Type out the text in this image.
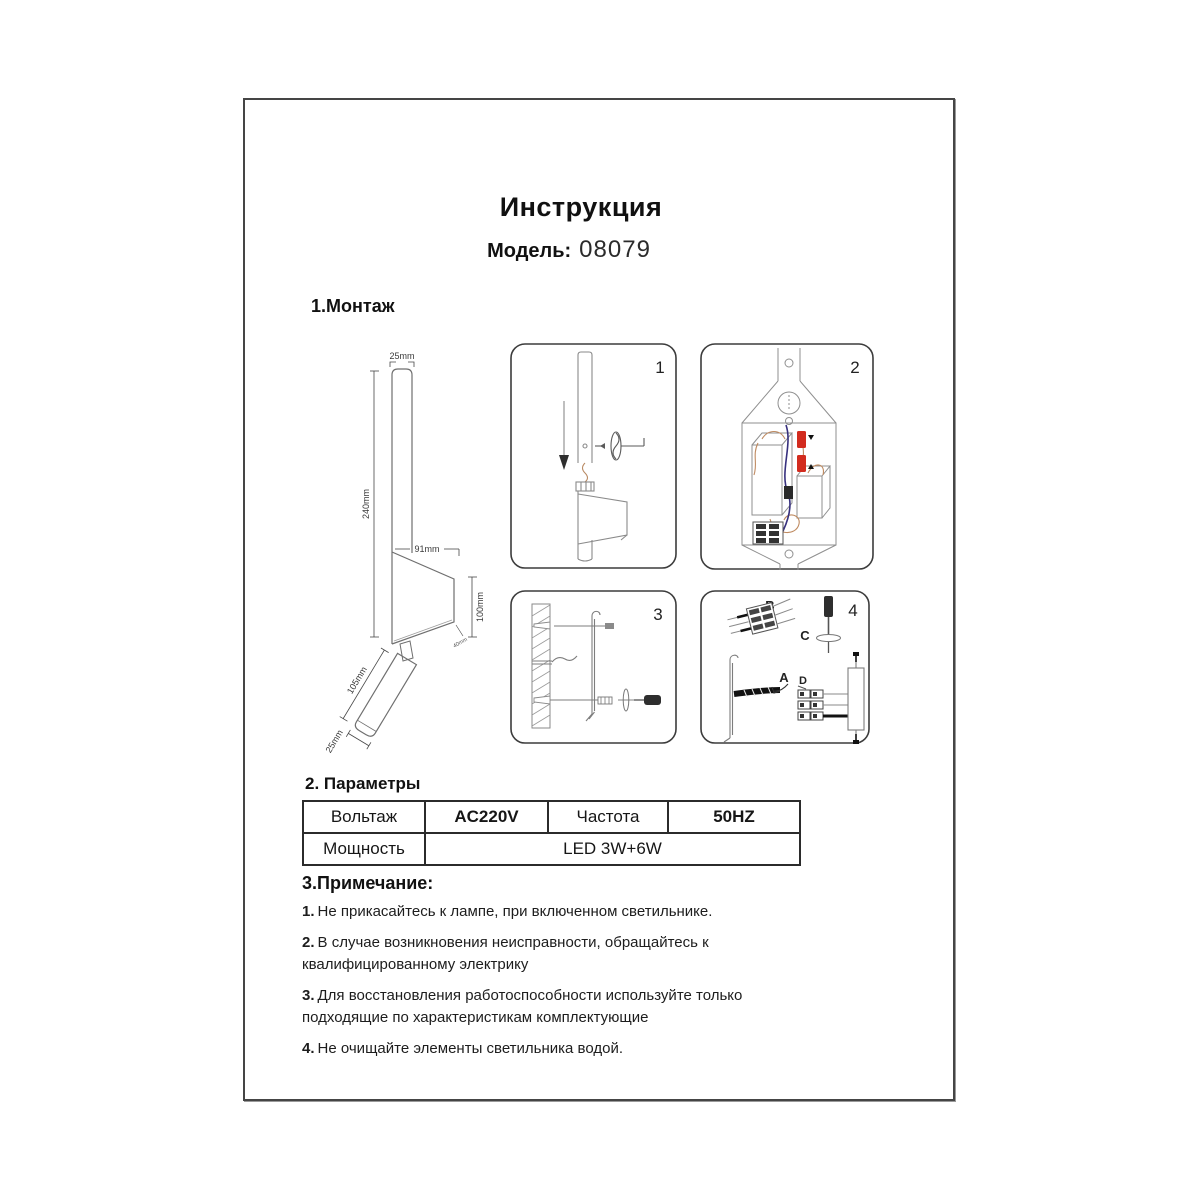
Инструкция
Модель: 08079
1.Монтаж
105mm
25mm
25mm
240mm
91mm
100mm
40mm
1	2
3	4
C
A D
2. Параметры
Вольтаж	AC220V	Частота	50HZ
Мощность	LED 3W+6W		
3.Примечание:
1. Не прикасайтесь к лампе, при включенном светильнике.
2. В случае возникновения неисправности, обращайтесь к квалифицированному электрику
3. Для восстановления работоспособности используйте только подходящие по характеристикам комплектующие
4. Не очищайте элементы светильника водой.
